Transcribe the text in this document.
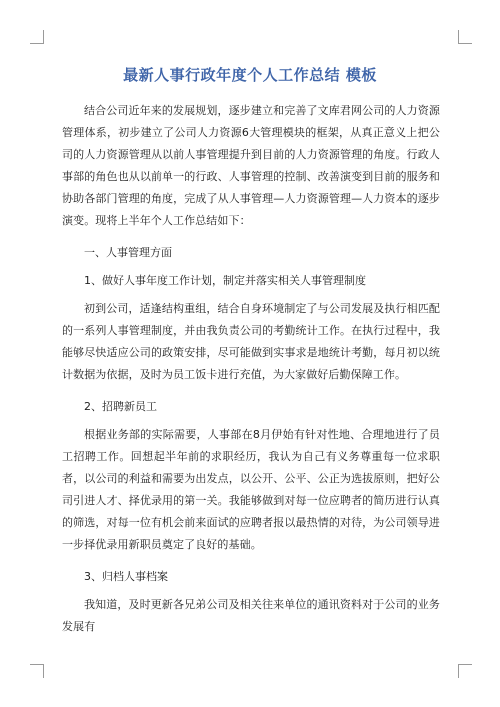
最新人事行政年度个人工作总结 模板

结合公司近年来的发展规划，逐步建立和完善了文库君网公司的人力资源管理体系，初步建立了公司人力资源6大管理模块的框架，从真正意义上把公司的人力资源管理从以前人事管理提升到目前的人力资源管理的角度。行政人事部的角色也从以前单一的行政、人事管理的控制、改善演变到目前的服务和协助各部门管理的角度，完成了从人事管理—人力资源管理—人力资本的逐步演变。现将上半年个人工作总结如下：

一、人事管理方面

1、做好人事年度工作计划，制定并落实相关人事管理制度

初到公司，适逢结构重组，结合自身环境制定了与公司发展及执行相匹配的一系列人事管理制度，并由我负责公司的考勤统计工作。在执行过程中，我能够尽快适应公司的政策安排，尽可能做到实事求是地统计考勤，每月初以统计数据为依据，及时为员工饭卡进行充值，为大家做好后勤保障工作。

2、招聘新员工

根据业务部的实际需要，人事部在8月伊始有针对性地、合理地进行了员工招聘工作。回想起半年前的求职经历，我认为自己有义务尊重每一位求职者，以公司的利益和需要为出发点，以公开、公平、公正为选拔原则，把好公司引进人才、择优录用的第一关。我能够做到对每一位应聘者的简历进行认真的筛选，对每一位有机会前来面试的应聘者报以最热情的对待，为公司领导进一步择优录用新职员奠定了良好的基础。

3、归档人事档案

我知道，及时更新各兄弟公司及相关往来单位的通讯资料对于公司的业务发展有
